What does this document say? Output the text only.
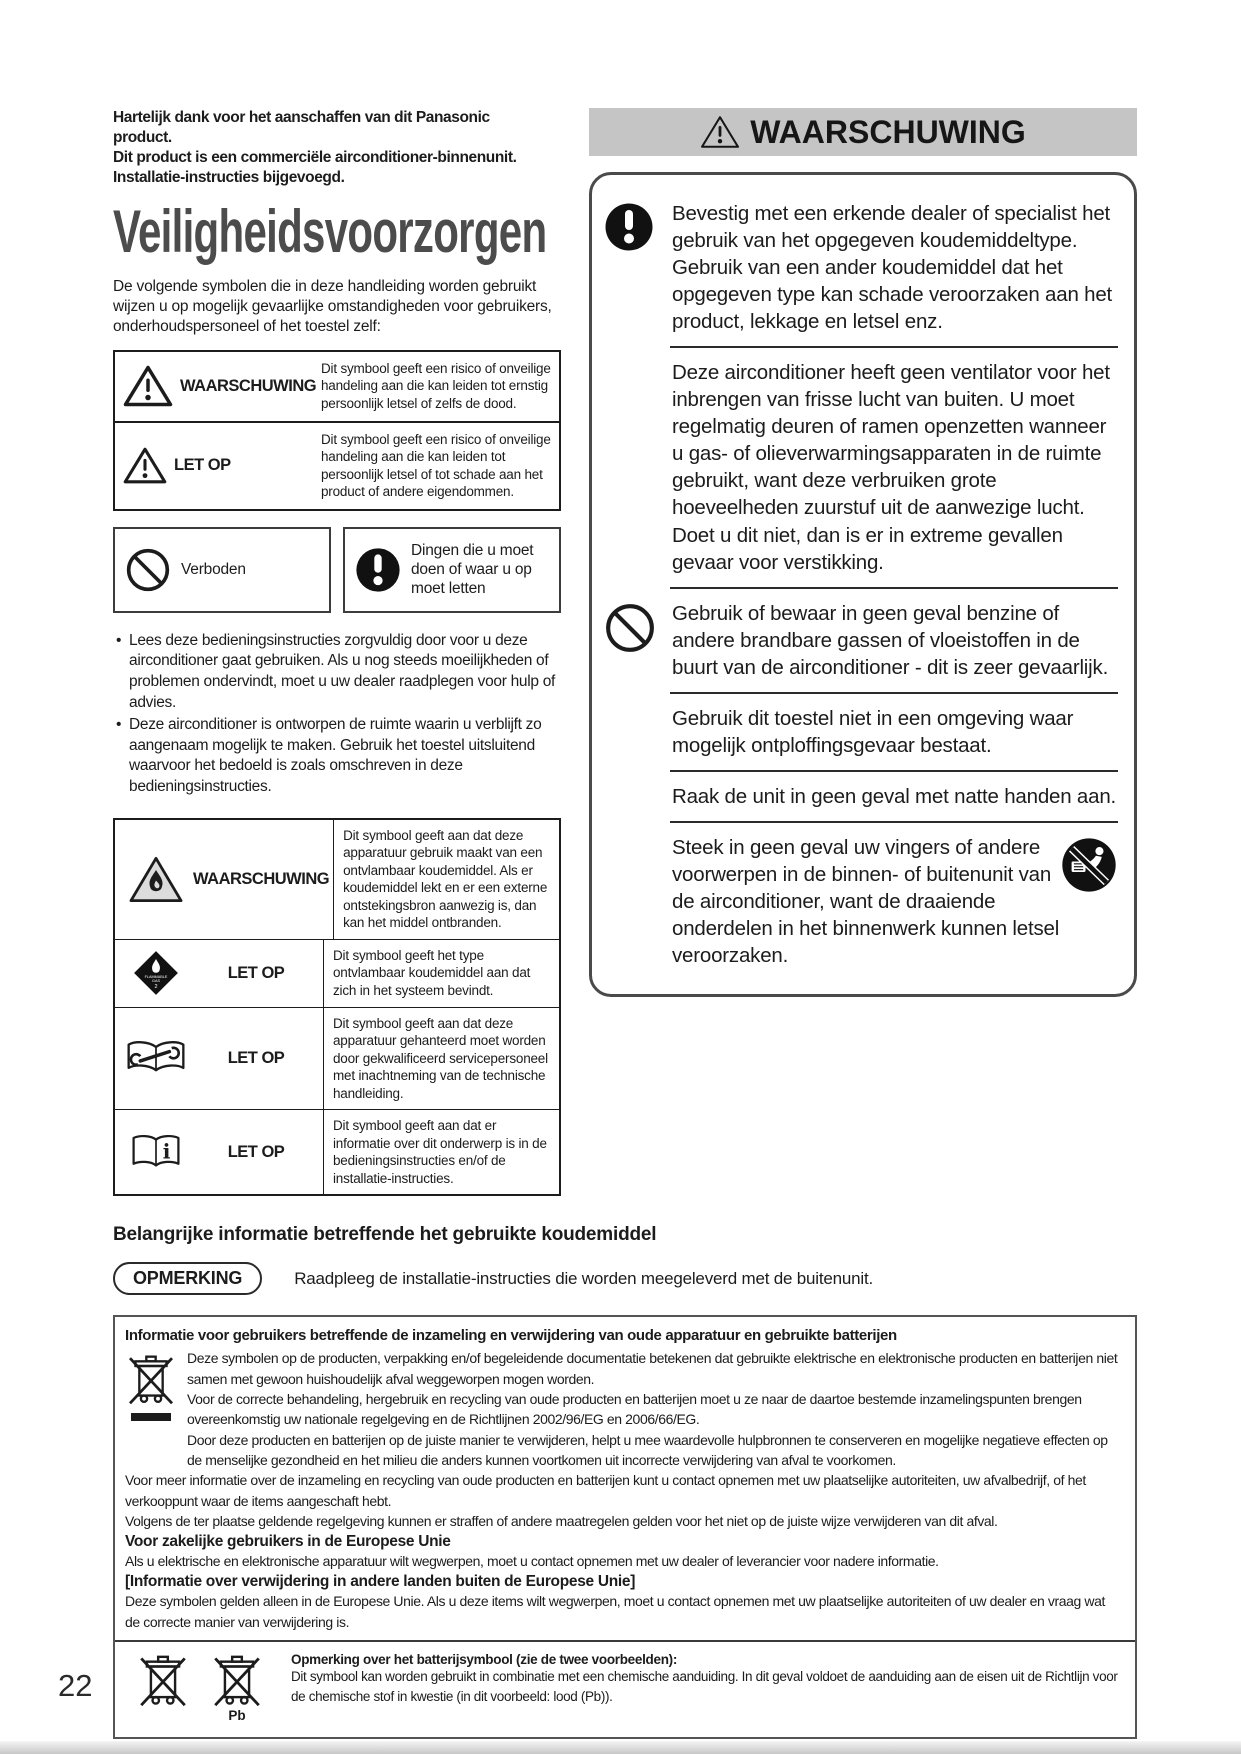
Hartelijk dank voor het aanschaffen van dit Panasonic
product.
Dit product is een commerciële airconditioner-binnenunit.
Installatie-instructies bijgevoegd.
Veiligheidsvoorzorgen

De volgende symbolen die in deze handleiding worden gebruikt wijzen u op mogelijk gevaarlijke omstandigheden voor gebruikers, onderhoudspersoneel of het toestel zelf:

WAARSCHUWING
Dit symbool geeft een risico of onveilige handeling aan die kan leiden tot ernstig persoonlijk letsel of zelfs de dood.
LET OP
Dit symbool geeft een risico of onveilige handeling aan die kan leiden tot persoonlijk letsel of tot schade aan het product of andere eigendommen.
Verboden
Dingen die u moet doen of waar u op moet letten
• Lees deze bedieningsinstructies zorgvuldig door voor u deze airconditioner gaat gebruiken. Als u nog steeds moeilijkheden of problemen ondervindt, moet u uw dealer raadplegen voor hulp of advies.
• Deze airconditioner is ontworpen de ruimte waarin u verblijft zo aangenaam mogelijk te maken. Gebruik het toestel uitsluitend waarvoor het bedoeld is zoals omschreven in deze bedieningsinstructies.
WAARSCHUWING
Dit symbool geeft aan dat deze apparatuur gebruik maakt van een ontvlambaar koudemiddel. Als er koudemiddel lekt en er een externe ontstekingsbron aanwezig is, dan kan het middel ontbranden.
FLAMMABLE
GAS
2
LET OP
Dit symbool geeft het type ontvlambaar koudemiddel aan dat zich in het systeem bevindt.
LET OP
Dit symbool geeft aan dat deze apparatuur gehanteerd moet worden door gekwalificeerd servicepersoneel met inachtneming van de technische handleiding.
i	LET OP
Dit symbool geeft aan dat er informatie over dit onderwerp is in de bedieningsinstructies en/of de installatie-instructies.
WAARSCHUWING
Bevestig met een erkende dealer of specialist het gebruik van het opgegeven koudemiddeltype. Gebruik van een ander koudemiddel dat het opgegeven type kan schade veroorzaken aan het product, lekkage en letsel enz.
Deze airconditioner heeft geen ventilator voor het inbrengen van frisse lucht van buiten. U moet regelmatig deuren of ramen openzetten wanneer u gas- of olieverwarmingsapparaten in de ruimte gebruikt, want deze verbruiken grote hoeveelheden zuurstuf uit de aanwezige lucht.
Doet u dit niet, dan is er in extreme gevallen gevaar voor verstikking.
Gebruik of bewaar in geen geval benzine of andere brandbare gassen of vloeistoffen in de buurt van de airconditioner - dit is zeer gevaarlijk.
Gebruik dit toestel niet in een omgeving waar mogelijk ontploffingsgevaar bestaat.
Raak de unit in geen geval met natte handen aan.
Steek in geen geval uw vingers of andere voorwerpen in de binnen- of buitenunit van de airconditioner, want de draaiende onderdelen in het binnenwerk kunnen letsel veroorzaken.
Belangrijke informatie betreffende het gebruikte koudemiddel
OPMERKING	Raadpleeg de installatie-instructies die worden meegeleverd met de buitenunit.
Informatie voor gebruikers betreffende de inzameling en verwijdering van oude apparatuur en gebruikte batterijen

Deze symbolen op de producten, verpakking en/of begeleidende documentatie betekenen dat gebruikte elektrische en elektronische producten en batterijen niet samen met gewoon huishoudelijk afval weggeworpen mogen worden.

Voor de correcte behandeling, hergebruik en recycling van oude producten en batterijen moet u ze naar de daartoe bestemde inzamelingspunten brengen overeenkomstig uw nationale regelgeving en de Richtlijnen 2002/96/EG en 2006/66/EG.

Door deze producten en batterijen op de juiste manier te verwijderen, helpt u mee waardevolle hulpbronnen te conserveren en mogelijke negatieve effecten op de menselijke gezondheid en het milieu die anders kunnen voortkomen uit incorrecte verwijdering van afval te voorkomen.

Voor meer informatie over de inzameling en recycling van oude producten en batterijen kunt u contact opnemen met uw plaatselijke autoriteiten, uw afvalbedrijf, of het verkooppunt waar de items aangeschaft hebt.

Volgens de ter plaatse geldende regelgeving kunnen er straffen of andere maatregelen gelden voor het niet op de juiste wijze verwijderen van dit afval.

Voor zakelijke gebruikers in de Europese Unie

Als u elektrische en elektronische apparatuur wilt wegwerpen, moet u contact opnemen met uw dealer of leverancier voor nadere informatie.

[Informatie over verwijdering in andere landen buiten de Europese Unie]

Deze symbolen gelden alleen in de Europese Unie. Als u deze items wilt wegwerpen, moet u contact opnemen met uw plaatselijke autoriteiten of uw dealer en vraag wat de correcte manier van verwijdering is.

Pb
Opmerking over het batterijsymbool (zie de twee voorbeelden):

Dit symbool kan worden gebruikt in combinatie met een chemische aanduiding. In dit geval voldoet de aanduiding aan de eisen uit de Richtlijn voor de chemische stof in kwestie (in dit voorbeeld: lood (Pb)).

22
